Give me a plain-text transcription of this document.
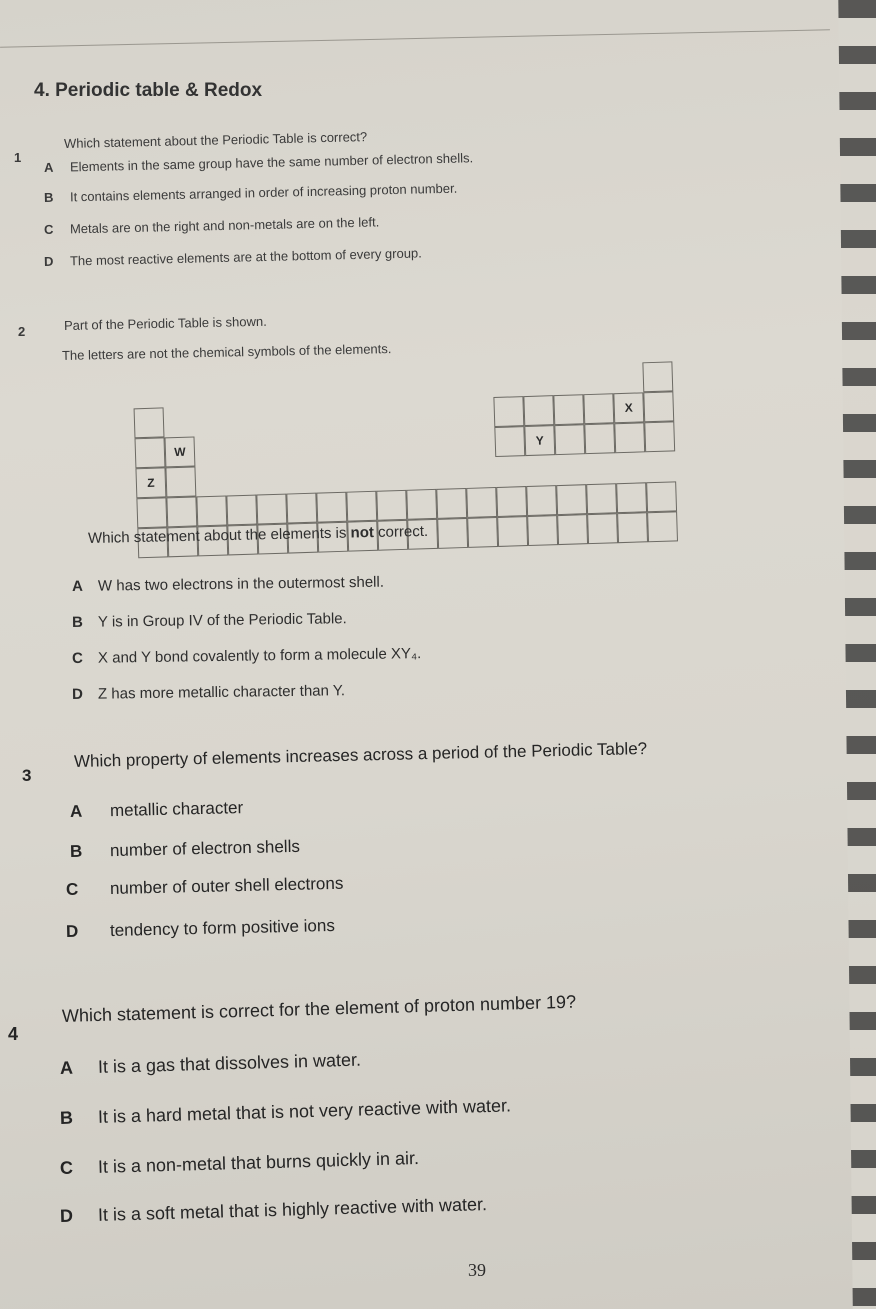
4. Periodic table & Redox
1
Which statement about the Periodic Table is correct?
A Elements in the same group have the same number of electron shells.
B It contains elements arranged in order of increasing proton number.
C Metals are on the right and non-metals are on the left.
D The most reactive elements are at the bottom of every group.
2	Part of the Periodic Table is shown.
The letters are not the chemical symbols of the elements.
W
Z
X
Y
Which statement about the elements is not correct.
A W has two electrons in the outermost shell.
B Y is in Group IV of the Periodic Table.
C X and Y bond covalently to form a molecule XY₄.
D Z has more metallic character than Y.
3
Which property of elements increases across a period of the Periodic Table?
A metallic character
B number of electron shells
C number of outer shell electrons
D tendency to form positive ions
4
Which statement is correct for the element of proton number 19?
A It is a gas that dissolves in water.
B It is a hard metal that is not very reactive with water.
C It is a non-metal that burns quickly in air.
D It is a soft metal that is highly reactive with water.
39
